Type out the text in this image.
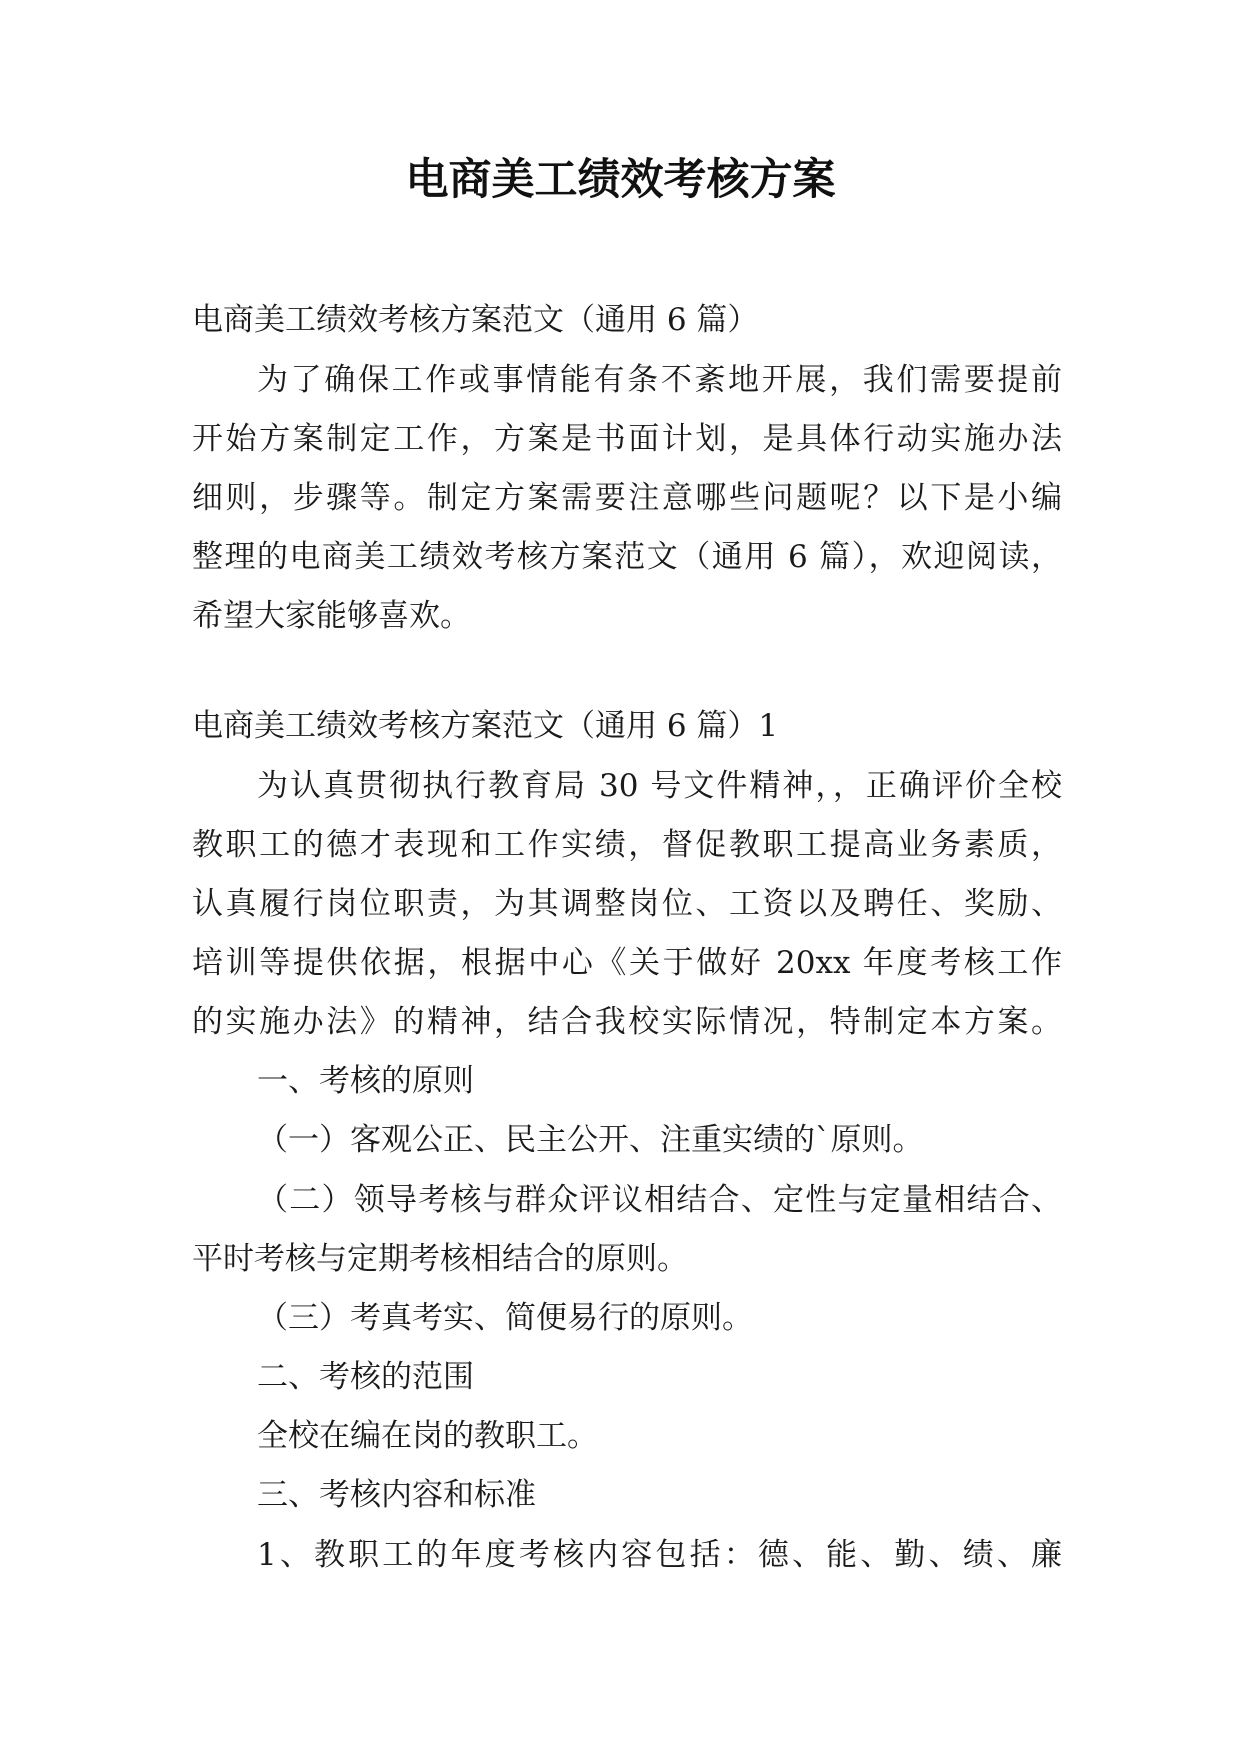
电商美工绩效考核方案

电商美工绩效考核方案范文（通用 6 篇）

为了确保工作或事情能有条不紊地开展，我们需要提前

开始方案制定工作，方案是书面计划，是具体行动实施办法

细则，步骤等。制定方案需要注意哪些问题呢？以下是小编

整理的电商美工绩效考核方案范文（通用 6 篇），欢迎阅读，

希望大家能够喜欢。

电商美工绩效考核方案范文（通用 6 篇）1

为认真贯彻执行教育局 30 号文件精神，，正确评价全校

教职工的德才表现和工作实绩，督促教职工提高业务素质，

认真履行岗位职责，为其调整岗位、工资以及聘任、奖励、

培训等提供依据，根据中心《关于做好 20xx 年度考核工作

的实施办法》的精神，结合我校实际情况，特制定本方案。

一、考核的原则

（一）客观公正、民主公开、注重实绩的`原则。

（二）领导考核与群众评议相结合、定性与定量相结合、

平时考核与定期考核相结合的原则。

（三）考真考实、简便易行的原则。

二、考核的范围

全校在编在岗的教职工。

三、考核内容和标准

1、教职工的年度考核内容包括：德、能、勤、绩、廉
